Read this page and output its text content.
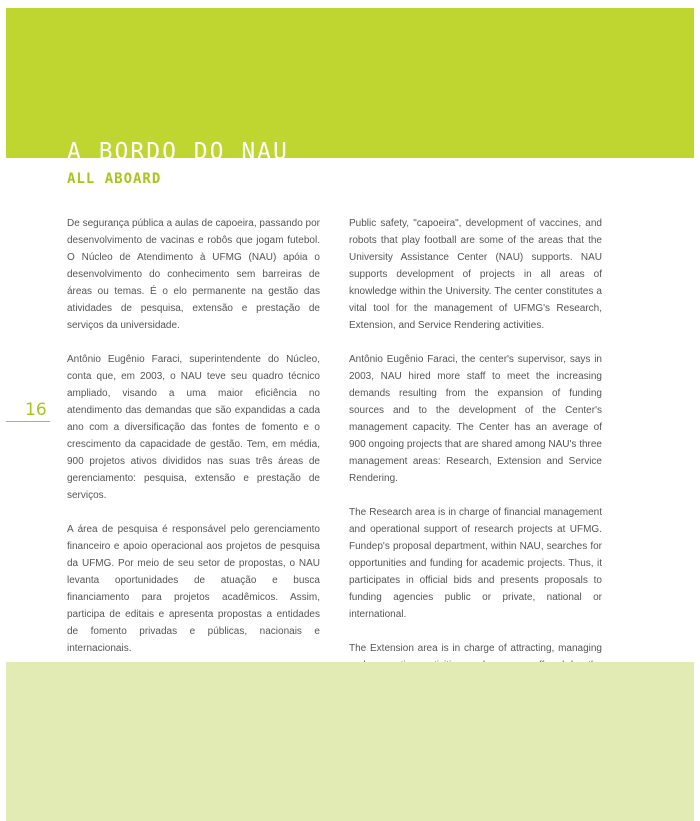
A BORDO DO NAU
ALL ABOARD
16

De segurança pública a aulas de capoeira, passando por desenvolvimento de vacinas e robôs que jogam futebol. O Núcleo de Atendimento à UFMG (NAU) apóia o desenvolvimento do conhecimento sem barreiras de áreas ou temas. É o elo permanente na gestão das atividades de pesquisa, extensão e prestação de serviços da universidade.

Antônio Eugênio Faraci, superintendente do Núcleo, conta que, em 2003, o NAU teve seu quadro técnico ampliado, visando a uma maior eficiência no atendimento das demandas que são expandidas a cada ano com a diversificação das fontes de fomento e o crescimento da capacidade de gestão. Tem, em média, 900 projetos ativos divididos nas suas três áreas de gerenciamento: pesquisa, extensão e prestação de serviços.

A área de pesquisa é responsável pelo gerenciamento financeiro e apoio operacional aos projetos de pesquisa da UFMG. Por meio de seu setor de propostas, o NAU levanta oportunidades de atuação e busca financiamento para projetos acadêmicos. Assim, participa de editais e apresenta propostas a entidades de fomento privadas e públicas, nacionais e internacionais.

Public safety, "capoeira", development of vaccines, and robots that play football are some of the areas that the University Assistance Center (NAU) supports. NAU supports development of projects in all areas of knowledge within the University. The center constitutes a vital tool for the management of UFMG's Research, Extension, and Service Rendering activities.

Antônio Eugênio Faraci, the center's supervisor, says in 2003, NAU hired more staff to meet the increasing demands resulting from the expansion of funding sources and to the development of the Center's management capacity. The Center has an average of 900 ongoing projects that are shared among NAU's three management areas: Research, Extension and Service Rendering.

The Research area is in charge of financial management and operational support of research projects at UFMG. Fundep's proposal department, within NAU, searches for opportunities and funding for academic projects. Thus, it participates in official bids and presents proposals to funding agencies public or private, national or international.

The Extension area is in charge of attracting, managing
